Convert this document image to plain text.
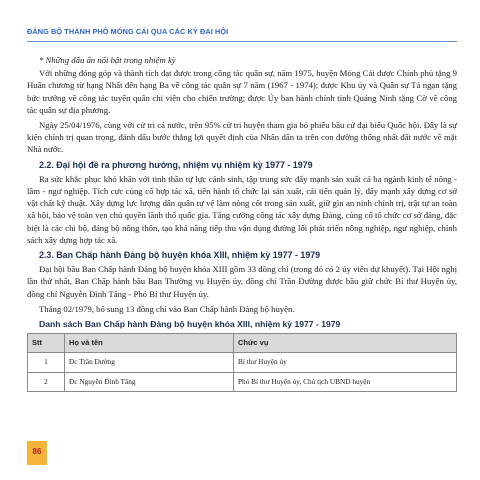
ĐẢNG BỘ THÀNH PHỐ MÓNG CÁI QUA CÁC KỲ ĐẠI HỘI

* Những dấu ấn nổi bật trong nhiệm kỳ

Với những đóng góp và thành tích đạt được trong công tác quân sự, năm 1975, huyện Móng Cái được Chính phủ tặng 9 Huân chương từ hạng Nhất đến hạng Ba về công tác quân sự 7 năm (1967 - 1974); được Khu ủy và Quân sự Tả ngạn tặng bức trướng về công tác tuyển quân chi viện cho chiến trường; được Ủy ban hành chính tỉnh Quảng Ninh tặng Cờ về công tác quân sự địa phương.

Ngày 25/04/1976, cùng với cử tri cả nước, trên 95% cử tri huyện tham gia bỏ phiếu bầu cử đại biểu Quốc hội. Đây là sự kiện chính trị quan trọng, đánh dấu bước thắng lợi quyết định của Nhân dân ta trên con đường thống nhất đất nước về mặt Nhà nước.

2.2. Đại hội đề ra phương hướng, nhiệm vụ nhiệm kỳ 1977 - 1979

Ra sức khắc phục khó khăn với tinh thần tự lực cánh sinh, tập trung sức đẩy mạnh sản xuất cả ba ngành kinh tế nông - lâm - ngư nghiệp. Tích cực củng cố hợp tác xã, tiến hành tổ chức lại sản xuất, cải tiến quản lý, đẩy mạnh xây dựng cơ sở vật chất kỹ thuật. Xây dựng lực lượng dân quân tự vệ làm nòng cốt trong sản xuất, giữ gìn an ninh chính trị, trật tự an toàn xã hội, bảo vệ toàn vẹn chủ quyền lãnh thổ quốc gia. Tăng cường công tác xây dựng Đảng, củng cố tổ chức cơ sở đảng, đặc biệt là các chi bộ, đảng bộ nông thôn, tạo khả năng tiếp thu vận dụng đường lối phát triển nông nghiệp, ngư nghiệp, chính sách xây dựng hợp tác xã.

2.3. Ban Chấp hành Đảng bộ huyện khóa XIII, nhiệm kỳ 1977 - 1979

Đại hội bầu Ban Chấp hành Đảng bộ huyện khóa XIII gồm 33 đồng chí (trong đó có 2 ủy viên dự khuyết). Tại Hội nghị lần thứ nhất, Ban Chấp hành bầu Ban Thường vụ Huyện ủy, đồng chí Trần Đường được bầu giữ chức Bí thư Huyện ủy, đồng chí Nguyễn Đình Tăng - Phó Bí thư Huyện ủy.

Tháng 02/1979, bổ sung 13 đồng chí vào Ban Chấp hành Đảng bộ huyện.

Danh sách Ban Chấp hành Đảng bộ huyện khóa XIII, nhiệm kỳ 1977 - 1979
Stt	Họ và tên	Chức vụ
1	Đc Trần Đường	Bí thư Huyện ủy
2	Đc Nguyễn Đình Tăng	Phó Bí thư Huyện ủy, Chủ tịch UBND huyện
86
